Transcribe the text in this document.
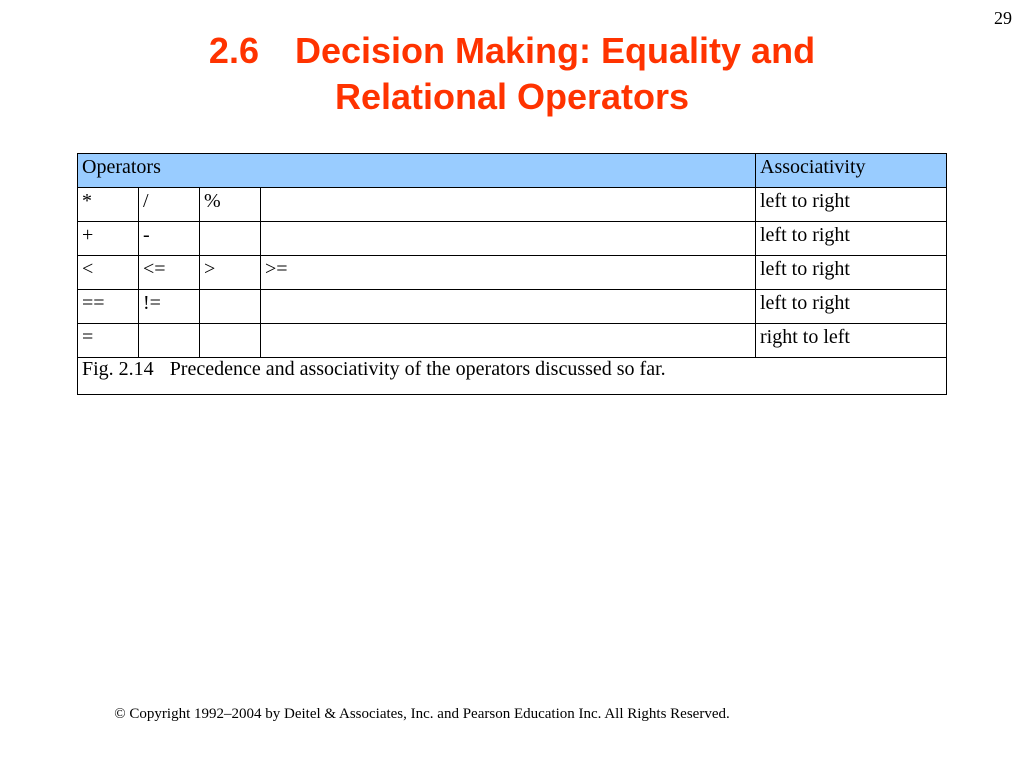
29
2.6 Decision Making: Equality and
Relational Operators
Operators				Associativity
*	/	%		left to right
+	-			left to right
<	<=	>	>=	left to right
==	!=			left to right
=				right to left
Fig. 2.14 Precedence and associativity of the operators discussed so far.				
© Copyright 1992–2004 by Deitel & Associates, Inc. and Pearson Education Inc. All Rights Reserved.
